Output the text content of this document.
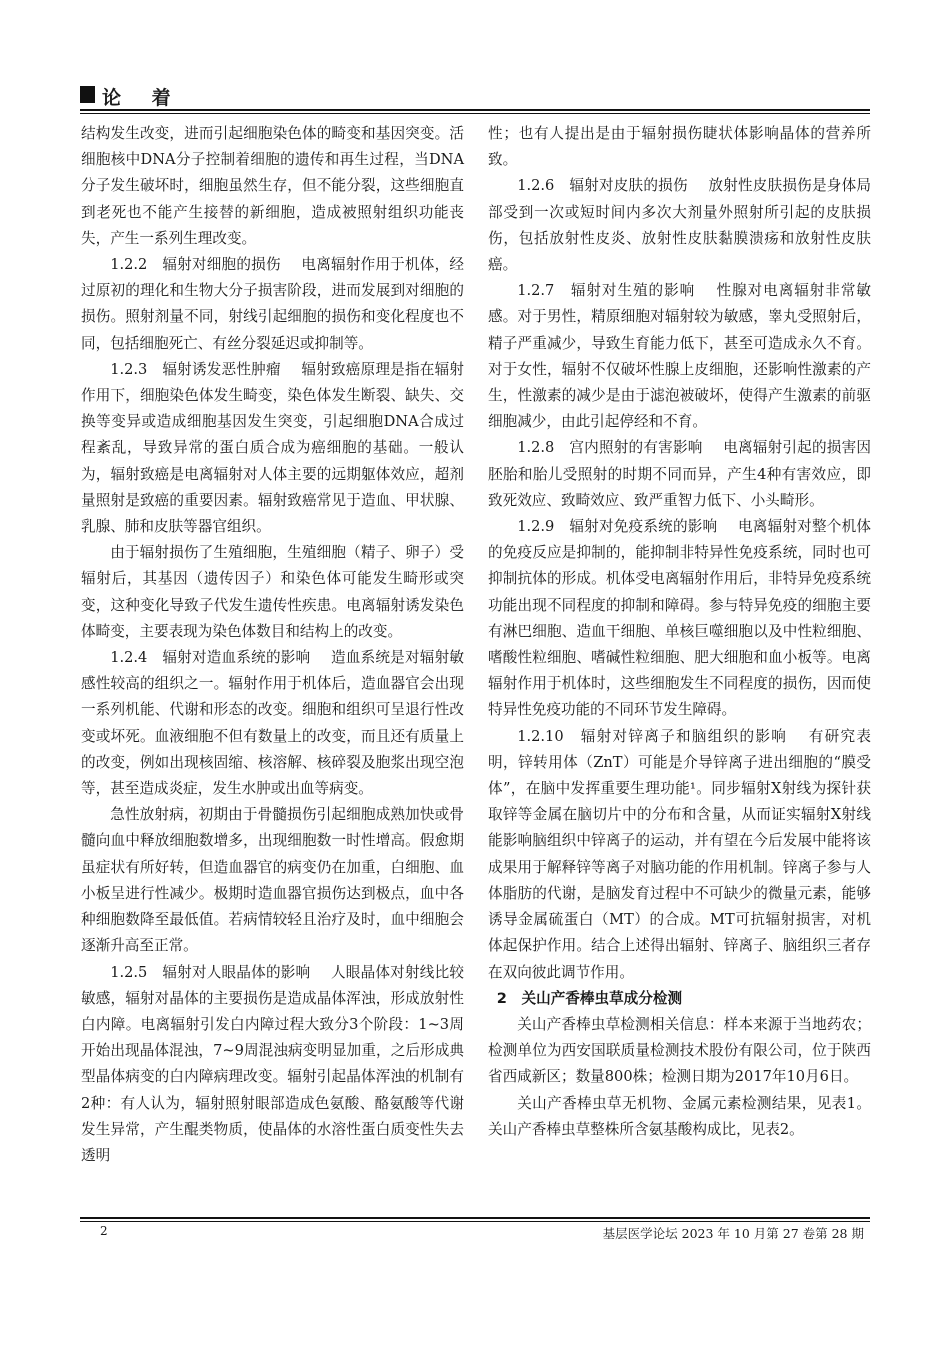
论 着

结构发生改变，进而引起细胞染色体的畸变和基因突变。活细胞核中DNA分子控制着细胞的遗传和再生过程，当DNA分子发生破坏时，细胞虽然生存，但不能分裂，这些细胞直到老死也不能产生接替的新细胞，造成被照射组织功能丧失，产生一系列生理改变。

1.2.2　 辐射对细胞的损伤　 电离辐射作用于机体，经过原初的理化和生物大分子损害阶段，进而发展到对细胞的损伤。照射剂量不同，射线引起细胞的损伤和变化程度也不同，包括细胞死亡、有丝分裂延迟或抑制等。

1.2.3　 辐射诱发恶性肿瘤　 辐射致癌原理是指在辐射作用下，细胞染色体发生畸变，染色体发生断裂、缺失、交换等变异或造成细胞基因发生突变，引起细胞DNA合成过程紊乱，导致异常的蛋白质合成为癌细胞的基础。一般认为，辐射致癌是电离辐射对人体主要的远期躯体效应，超剂量照射是致癌的重要因素。辐射致癌常见于造血、甲状腺、乳腺、肺和皮肤等器官组织。

由于辐射损伤了生殖细胞，生殖细胞（精子、卵子）受辐射后，其基因（遗传因子）和染色体可能发生畸形或突变，这种变化导致子代发生遗传性疾患。电离辐射诱发染色体畸变，主要表现为染色体数目和结构上的改变。

1.2.4　 辐射对造血系统的影响　 造血系统是对辐射敏感性较高的组织之一。辐射作用于机体后，造血器官会出现一系列机能、代谢和形态的改变。细胞和组织可呈退行性改变或坏死。血液细胞不但有数量上的改变，而且还有质量上的改变，例如出现核固缩、核溶解、核碎裂及胞浆出现空泡等，甚至造成炎症，发生水肿或出血等病变。

急性放射病，初期由于骨髓损伤引起细胞成熟加快或骨髓向血中释放细胞数增多，出现细胞数一时性增高。假愈期虽症状有所好转，但造血器官的病变仍在加重，白细胞、血小板呈进行性减少。极期时造血器官损伤达到极点，血中各种细胞数降至最低值。若病情较轻且治疗及时，血中细胞会逐渐升高至正常。

1.2.5　 辐射对人眼晶体的影响　 人眼晶体对射线比较敏感，辐射对晶体的主要损伤是造成晶体浑浊，形成放射性白内障。电离辐射引发白内障过程大致分3个阶段：1~3周开始出现晶体混浊，7~9周混浊病变明显加重，之后形成典型晶体病变的白内障病理改变。辐射引起晶体浑浊的机制有2种：有人认为，辐射照射眼部造成色氨酸、酪氨酸等代谢发生异常，产生醌类物质，使晶体的水溶性蛋白质变性失去透明

性；也有人提出是由于辐射损伤睫状体影响晶体的营养所致。

1.2.6　 辐射对皮肤的损伤　 放射性皮肤损伤是身体局部受到一次或短时间内多次大剂量外照射所引起的皮肤损伤，包括放射性皮炎、放射性皮肤黏膜溃疡和放射性皮肤癌。

1.2.7　 辐射对生殖的影响　 性腺对电离辐射非常敏感。对于男性，精原细胞对辐射较为敏感，睾丸受照射后，精子严重减少，导致生育能力低下，甚至可造成永久不育。对于女性，辐射不仅破坏性腺上皮细胞，还影响性激素的产生，性激素的减少是由于滤泡被破坏，使得产生激素的前驱细胞减少，由此引起停经和不育。

1.2.8　 宫内照射的有害影响　 电离辐射引起的损害因胚胎和胎儿受照射的时期不同而异，产生4种有害效应，即致死效应、致畸效应、致严重智力低下、小头畸形。

1.2.9　 辐射对免疫系统的影响　 电离辐射对整个机体的免疫反应是抑制的，能抑制非特异性免疫系统，同时也可抑制抗体的形成。机体受电离辐射作用后，非特异免疫系统功能出现不同程度的抑制和障碍。参与特异免疫的细胞主要有淋巴细胞、造血干细胞、单核巨噬细胞以及中性粒细胞、嗜酸性粒细胞、嗜碱性粒细胞、肥大细胞和血小板等。电离辐射作用于机体时，这些细胞发生不同程度的损伤，因而使特异性免疫功能的不同环节发生障碍。

1.2.10　 辐射对锌离子和脑组织的影响　 有研究表明，锌转用体（ZnT）可能是介导锌离子进出细胞的“膜受体”，在脑中发挥重要生理功能¹。同步辐射X射线为探针获取锌等金属在脑切片中的分布和含量，从而证实辐射X射线能影响脑组织中锌离子的运动，并有望在今后发展中能将该成果用于解释锌等离子对脑功能的作用机制。锌离子参与人体脂肪的代谢，是脑发育过程中不可缺少的微量元素，能够诱导金属硫蛋白（MT）的合成。MT可抗辐射损害，对机体起保护作用。结合上述得出辐射、锌离子、脑组织三者存在双向彼此调节作用。

2　 关山产香棒虫草成分检测

关山产香棒虫草检测相关信息：样本来源于当地药农；检测单位为西安国联质量检测技术股份有限公司，位于陕西省西咸新区；数量800株；检测日期为2017年10月6日。

关山产香棒虫草无机物、金属元素检测结果，见表1。关山产香棒虫草整株所含氨基酸构成比，见表2。

2	基层医学论坛 2023 年 10 月第 27 卷第 28 期
